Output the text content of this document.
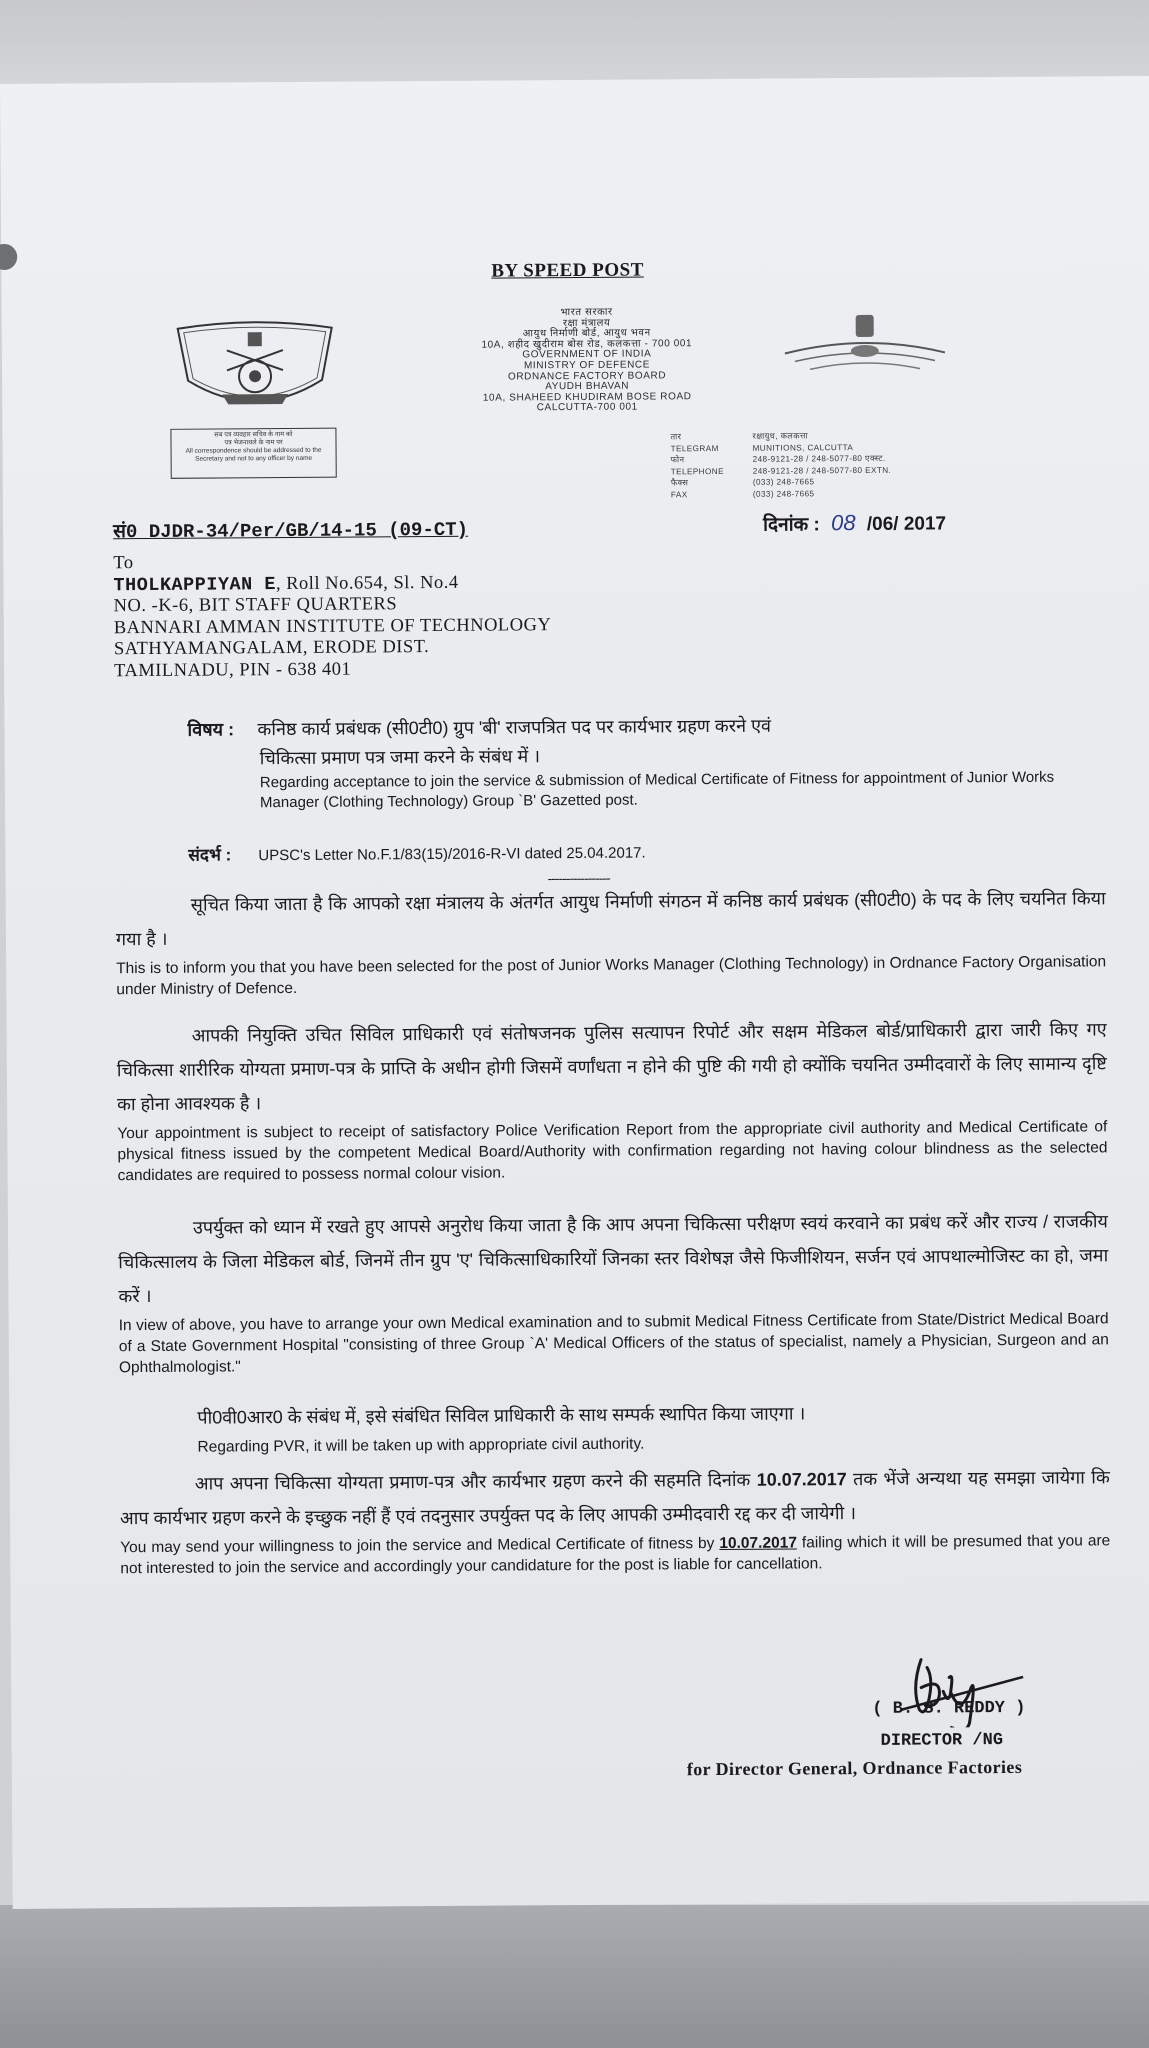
BY SPEED POST
सब पत्र व्यवहार सचिव के नाम को
पत्र भेजनाथले के नाम पर
All correspondence should be addressed to the Secretary and not to any officer by name
भारत सरकार
रक्षा मंत्रालय
आयुध निर्माणी बोर्ड, आयुध भवन
10A, शहीद खुदीराम बोस रोड, कलकत्ता - 700 001
GOVERNMENT OF INDIA
MINISTRY OF DEFENCE
ORDNANCE FACTORY BOARD
AYUDH BHAVAN
10A, SHAHEED KHUDIRAM BOSE ROAD
CALCUTTA-700 001
तार	रक्षायुध, कलकत्ता
TELEGRAM	MUNITIONS, CALCUTTA
फोन	248-9121-28 / 248-5077-80 एक्स्ट.
TELEPHONE	248-9121-28 / 248-5077-80 EXTN.
फैक्स	(033) 248-7665
FAX	(033) 248-7665
सं0 DJDR-34/Per/GB/14-15 (09-CT)	दिनांक : 08 /06/ 2017
To
THOLKAPPIYAN E, Roll No.654, Sl. No.4
NO. -K-6, BIT STAFF QUARTERS
BANNARI AMMAN INSTITUTE OF TECHNOLOGY
SATHYAMANGALAM, ERODE DIST.
TAMILNADU, PIN - 638 401
विषय : कनिष्ठ कार्य प्रबंधक (सी0टी0) ग्रुप 'बी' राजपत्रित पद पर कार्यभार ग्रहण करने एवं
चिकित्सा प्रमाण पत्र जमा करने के संबंध में ।
Regarding acceptance to join the service & submission of Medical Certificate of Fitness for appointment of Junior Works Manager (Clothing Technology) Group `B' Gazetted post.
संदर्भ : UPSC's Letter No.F.1/83(15)/2016-R-VI dated 25.04.2017.
-----------------
सूचित किया जाता है कि आपको रक्षा मंत्रालय के अंतर्गत आयुध निर्माणी संगठन में कनिष्ठ कार्य प्रबंधक (सी0टी0) के पद के लिए चयनित किया गया है ।
This is to inform you that you have been selected for the post of Junior Works Manager (Clothing Technology) in Ordnance Factory Organisation under Ministry of Defence.
आपकी नियुक्ति उचित सिविल प्राधिकारी एवं संतोषजनक पुलिस सत्यापन रिपोर्ट और सक्षम मेडिकल बोर्ड/प्राधिकारी द्वारा जारी किए गए चिकित्सा शारीरिक योग्यता प्रमाण-पत्र के प्राप्ति के अधीन होगी जिसमें वर्णांधता न होने की पुष्टि की गयी हो क्योंकि चयनित उम्मीदवारों के लिए सामान्य दृष्टि का होना आवश्यक है ।
Your appointment is subject to receipt of satisfactory Police Verification Report from the appropriate civil authority and Medical Certificate of physical fitness issued by the competent Medical Board/Authority with confirmation regarding not having colour blindness as the selected candidates are required to possess normal colour vision.
उपर्युक्त को ध्यान में रखते हुए आपसे अनुरोध किया जाता है कि आप अपना चिकित्सा परीक्षण स्वयं करवाने का प्रबंध करें और राज्य / राजकीय चिकित्सालय के जिला मेडिकल बोर्ड, जिनमें तीन ग्रुप 'ए' चिकित्साधिकारियों जिनका स्तर विशेषज्ञ जैसे फिजीशियन, सर्जन एवं आपथाल्मोजिस्ट का हो, जमा करें ।
In view of above, you have to arrange your own Medical examination and to submit Medical Fitness Certificate from State/District Medical Board of a State Government Hospital "consisting of three Group `A' Medical Officers of the status of specialist, namely a Physician, Surgeon and an Ophthalmologist."
पी0वी0आर0 के संबंध में, इसे संबंधित सिविल प्राधिकारी के साथ सम्पर्क स्थापित किया जाएगा ।
Regarding PVR, it will be taken up with appropriate civil authority.
आप अपना चिकित्सा योग्यता प्रमाण-पत्र और कार्यभार ग्रहण करने की सहमति दिनांक 10.07.2017 तक भेंजे अन्यथा यह समझा जायेगा कि आप कार्यभार ग्रहण करने के इच्छुक नहीं हैं एवं तदनुसार उपर्युक्त पद के लिए आपकी उम्मीदवारी रद्द कर दी जायेगी ।
You may send your willingness to join the service and Medical Certificate of fitness by 10.07.2017 failing which it will be presumed that you are not interested to join the service and accordingly your candidature for the post is liable for cancellation.
( B. S. REDDY )
DIRECTOR /NG
for Director General, Ordnance Factories
